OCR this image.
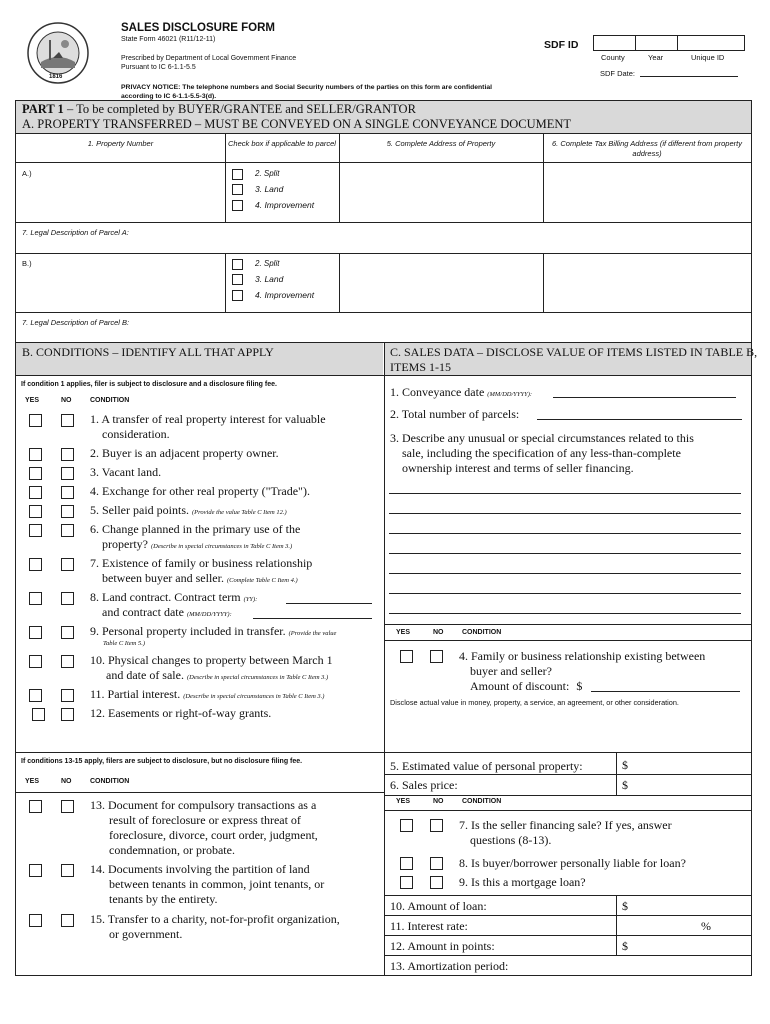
1816
SALES DISCLOSURE FORM
State Form 46021 (R11/12-11)
Prescribed by Department of Local Government Finance
Pursuant to IC 6-1.1-5.5
PRIVACY NOTICE: The telephone numbers and Social Security numbers of the parties on this form are confidential according to IC 6-1.1-5.5-3(d).
SDF ID
County	Year	Unique ID
SDF Date:
PART 1 – To be completed by BUYER/GRANTEE and SELLER/GRANTOR
A. PROPERTY TRANSFERRED – MUST BE CONVEYED ON A SINGLE CONVEYANCE DOCUMENT
1. Property Number	Check box if applicable to parcel	5. Complete Address of Property	6. Complete Tax Billing Address (if different from property address)
A.)	2. Split
3. Land
4. Improvement
7. Legal Description of Parcel A:
B.)	2. Split
3. Land
4. Improvement
7. Legal Description of Parcel B:
B. CONDITIONS – IDENTIFY ALL THAT APPLY	C. SALES DATA – DISCLOSE VALUE OF ITEMS LISTED IN TABLE B,
ITEMS 1-15
If condition 1 applies, filer is subject to disclosure and a disclosure filing fee.
YES	NO	CONDITION
1. A transfer of real property interest for valuable
consideration.
2. Buyer is an adjacent property owner.
3. Vacant land.
4. Exchange for other real property ("Trade").
5. Seller paid points. (Provide the value Table C Item 12.)
6. Change planned in the primary use of the
property? (Describe in special circumstances in Table C Item 3.)
7. Existence of family or business relationship
between buyer and seller. (Complete Table C Item 4.)
8. Land contract. Contract term (YY):
and contract date (MM/DD/YYYY):
9. Personal property included in transfer. (Provide the value
Table C Item 5.)
10. Physical changes to property between March 1
and date of sale. (Describe in special circumstances in Table C Item 3.)
11. Partial interest. (Describe in special circumstances in Table C Item 3.)
12. Easements or right-of-way grants.
If conditions 13-15 apply, filers are subject to disclosure, but no disclosure filing fee.
YES	NO	CONDITION
13. Document for compulsory transactions as a
result of foreclosure or express threat of
foreclosure, divorce, court order, judgment,
condemnation, or probate.
14. Documents involving the partition of land
between tenants in common, joint tenants, or
tenants by the entirety.
15. Transfer to a charity, not-for-profit organization,
or government.
1. Conveyance date (MM/DD/YYYY):
2. Total number of parcels:
3. Describe any unusual or special circumstances related to this
sale, including the specification of any less-than-complete
ownership interest and terms of seller financing.
YES	NO	CONDITION
4. Family or business relationship existing between
buyer and seller?
Amount of discount: $
Disclose actual value in money, property, a service, an agreement, or other consideration.
5. Estimated value of personal property:	$
6. Sales price:	$
YES	NO	CONDITION
7. Is the seller financing sale? If yes, answer
questions (8-13).
8. Is buyer/borrower personally liable for loan?
9. Is this a mortgage loan?
10. Amount of loan:	$
11. Interest rate:	%
12. Amount in points:	$
13. Amortization period:
